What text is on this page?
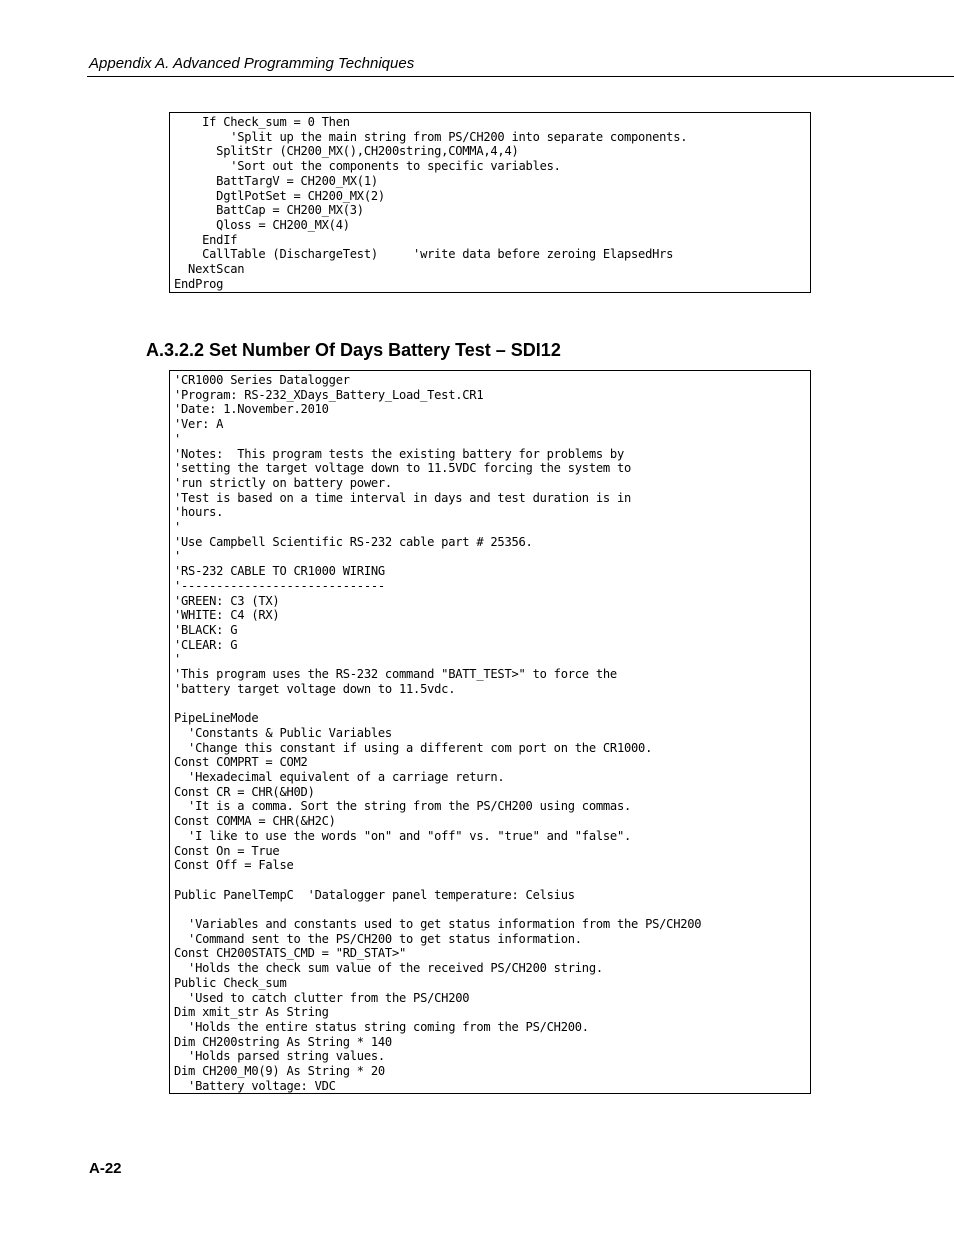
Appendix A. Advanced Programming Techniques
If Check_sum = 0 Then
'Split up the main string from PS/CH200 into separate components.
SplitStr (CH200_MX(),CH200string,COMMA,4,4)
'Sort out the components to specific variables.
BattTargV = CH200_MX(1)
DgtlPotSet = CH200_MX(2)
BattCap = CH200_MX(3)
Qloss = CH200_MX(4)
EndIf
CallTable (DischargeTest)     'write data before zeroing ElapsedHrs
NextScan
EndProg
A.3.2.2 Set Number Of Days Battery Test – SDI12
'CR1000 Series Datalogger
'Program: RS-232_XDays_Battery_Load_Test.CR1
'Date: 1.November.2010
'Ver: A
'
'Notes:  This program tests the existing battery for problems by
'setting the target voltage down to 11.5VDC forcing the system to
'run strictly on battery power.
'Test is based on a time interval in days and test duration is in
'hours.
'
'Use Campbell Scientific RS-232 cable part # 25356.
'
'RS-232 CABLE TO CR1000 WIRING
'-----------------------------
'GREEN: C3 (TX)
'WHITE: C4 (RX)
'BLACK: G
'CLEAR: G
'
'This program uses the RS-232 command "BATT_TEST>" to force the
'battery target voltage down to 11.5vdc.

PipeLineMode
'Constants & Public Variables
'Change this constant if using a different com port on the CR1000.
Const COMPRT = COM2
'Hexadecimal equivalent of a carriage return.
Const CR = CHR(&H0D)
'It is a comma. Sort the string from the PS/CH200 using commas.
Const COMMA = CHR(&H2C)
'I like to use the words "on" and "off" vs. "true" and "false".
Const On = True
Const Off = False

Public PanelTempC  'Datalogger panel temperature: Celsius

'Variables and constants used to get status information from the PS/CH200
'Command sent to the PS/CH200 to get status information.
Const CH200STATS_CMD = "RD_STAT>"
'Holds the check sum value of the received PS/CH200 string.
Public Check_sum
'Used to catch clutter from the PS/CH200
Dim xmit_str As String
'Holds the entire status string coming from the PS/CH200.
Dim CH200string As String * 140
'Holds parsed string values.
Dim CH200_M0(9) As String * 20
'Battery voltage: VDC
A-22
